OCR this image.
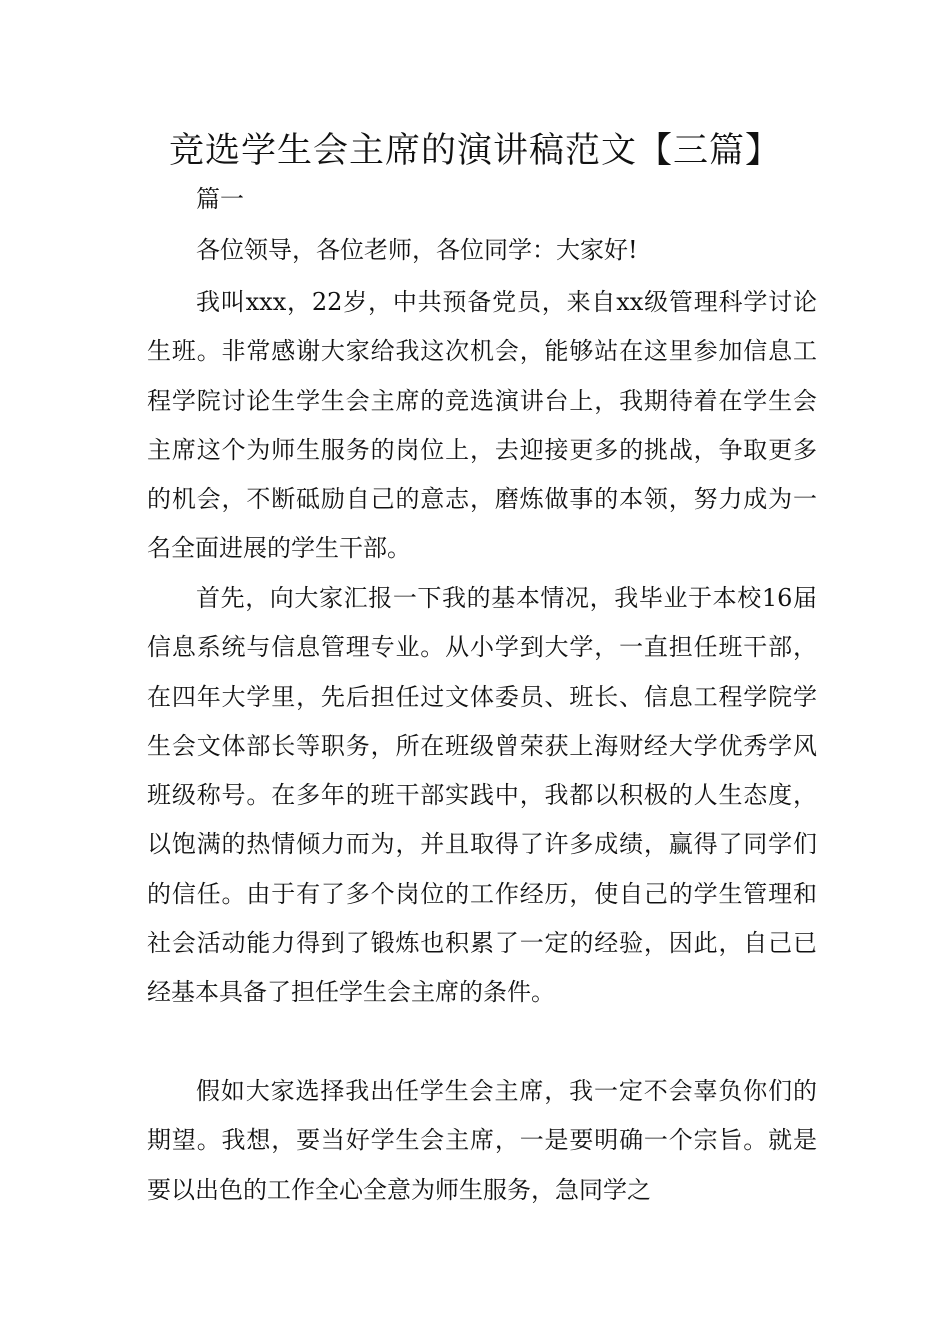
竞选学生会主席的演讲稿范文【三篇】

篇一

各位领导，各位老师，各位同学：大家好!

我叫xxx，22岁，中共预备党员，来自xx级管理科学讨论生班。非常感谢大家给我这次机会，能够站在这里参加信息工程学院讨论生学生会主席的竞选演讲台上，我期待着在学生会主席这个为师生服务的岗位上，去迎接更多的挑战，争取更多的机会，不断砥励自己的意志，磨炼做事的本领，努力成为一名全面进展的学生干部。

首先，向大家汇报一下我的基本情况，我毕业于本校16届信息系统与信息管理专业。从小学到大学，一直担任班干部，在四年大学里，先后担任过文体委员、班长、信息工程学院学生会文体部长等职务，所在班级曾荣获上海财经大学优秀学风班级称号。在多年的班干部实践中，我都以积极的人生态度，以饱满的热情倾力而为，并且取得了许多成绩，赢得了同学们的信任。由于有了多个岗位的工作经历，使自己的学生管理和社会活动能力得到了锻炼也积累了一定的经验，因此，自己已经基本具备了担任学生会主席的条件。

假如大家选择我出任学生会主席，我一定不会辜负你们的期望。我想，要当好学生会主席，一是要明确一个宗旨。就是要以出色的工作全心全意为师生服务，急同学之
